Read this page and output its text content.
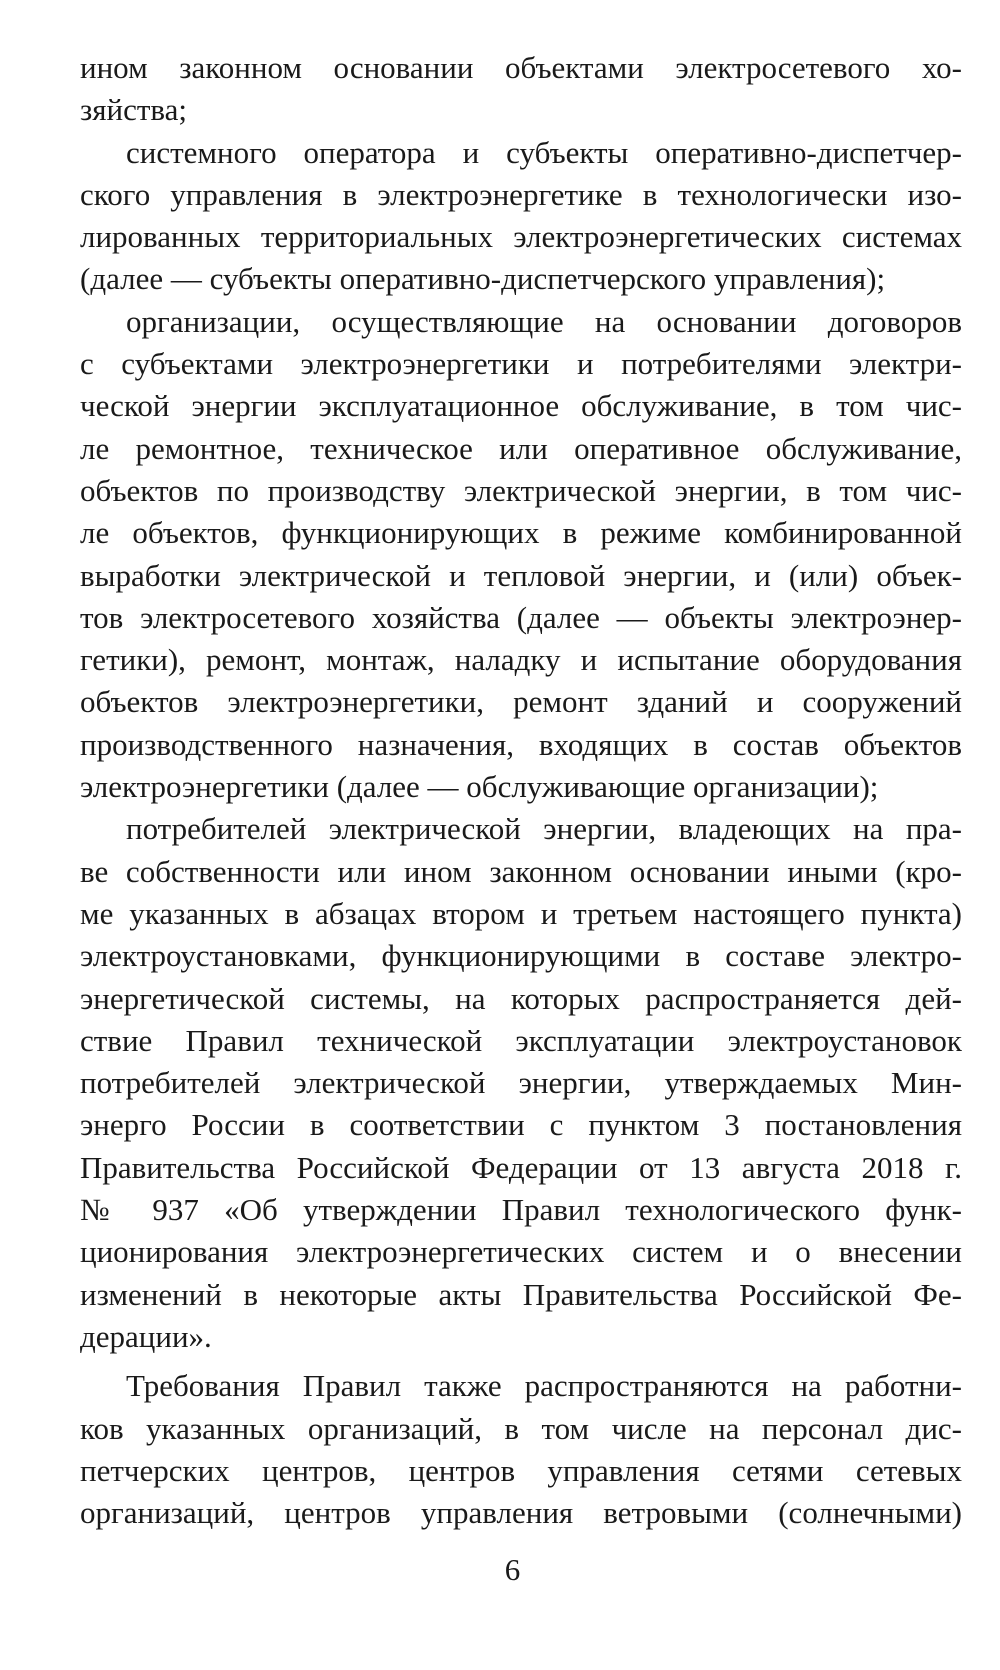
ином законном основании объектами электросетевого хо-
зяйства;

системного оператора и субъекты оперативно-диспетчер-
ского управления в электроэнергетике в технологически изо-
лированных территориальных электроэнергетических системах
(далее — субъекты оперативно-диспетчерского управления);

организации, осуществляющие на основании договоров
с субъектами электроэнергетики и потребителями электри-
ческой энергии эксплуатационное обслуживание, в том чис-
ле ремонтное, техническое или оперативное обслуживание,
объектов по производству электрической энергии, в том чис-
ле объектов, функционирующих в режиме комбинированной
выработки электрической и тепловой энергии, и (или) объек-
тов электросетевого хозяйства (далее — объекты электроэнер-
гетики), ремонт, монтаж, наладку и испытание оборудования
объектов электроэнергетики, ремонт зданий и сооружений
производственного назначения, входящих в состав объектов
электроэнергетики (далее — обслуживающие организации);

потребителей электрической энергии, владеющих на пра-
ве собственности или ином законном основании иными (кро-
ме указанных в абзацах втором и третьем настоящего пункта)
электроустановками, функционирующими в составе электро-
энергетической системы, на которых распространяется дей-
ствие Правил технической эксплуатации электроустановок
потребителей электрической энергии, утверждаемых Мин-
энерго России в соответствии с пунктом 3 постановления
Правительства Российской Федерации от 13 августа 2018 г.
№ 937 «Об утверждении Правил технологического функ-
ционирования электроэнергетических систем и о внесении
изменений в некоторые акты Правительства Российской Фе-
дерации».

Требования Правил также распространяются на работни-
ков указанных организаций, в том числе на персонал дис-
петчерских центров, центров управления сетями сетевых
организаций, центров управления ветровыми (солнечными)

6
